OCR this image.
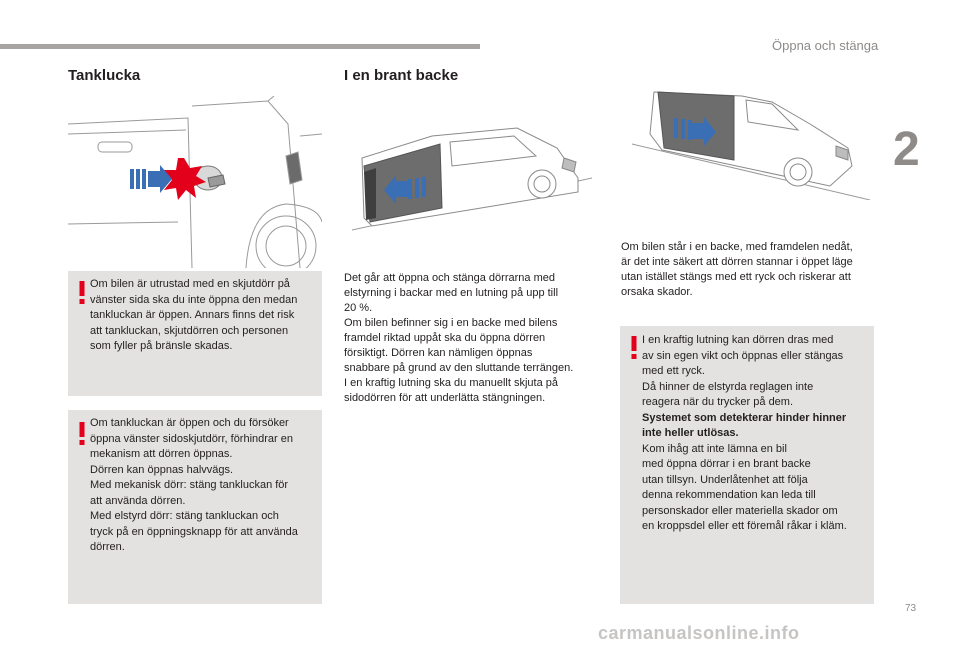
Öppna och stänga
2
Tanklucka
Om bilen är utrustad med en skjutdörr på
vänster sida ska du inte öppna den medan
tankluckan är öppen. Annars finns det risk
att tankluckan, skjutdörren och personen
som fyller på bränsle skadas.
Om tankluckan är öppen och du försöker
öppna vänster sidoskjutdörr, förhindrar en
mekanism att dörren öppnas.
Dörren kan öppnas halvvägs.
Med mekanisk dörr: stäng tankluckan för
att använda dörren.
Med elstyrd dörr: stäng tankluckan och
tryck på en öppningsknapp för att använda
dörren.
I en brant backe
Det går att öppna och stänga dörrarna med
elstyrning i backar med en lutning på upp till
20 %.
Om bilen befinner sig i en backe med bilens
framdel riktad uppåt ska du öppna dörren
försiktigt. Dörren kan nämligen öppnas
snabbare på grund av den sluttande terrängen.
I en kraftig lutning ska du manuellt skjuta på
sidodörren för att underlätta stängningen.
Om bilen står i en backe, med framdelen nedåt,
är det inte säkert att dörren stannar i öppet läge
utan istället stängs med ett ryck och riskerar att
orsaka skador.
I en kraftig lutning kan dörren dras med
av sin egen vikt och öppnas eller stängas
med ett ryck.
Då hinner de elstyrda reglagen inte
reagera när du trycker på dem.
Systemet som detekterar hinder hinner
inte heller utlösas.
Kom ihåg att inte lämna en bil
med öppna dörrar i en brant backe
utan tillsyn. Underlåtenhet att följa
denna rekommendation kan leda till
personskador eller materiella skador om
en kroppsdel eller ett föremål råkar i kläm.
73
carmanualsonline.info
